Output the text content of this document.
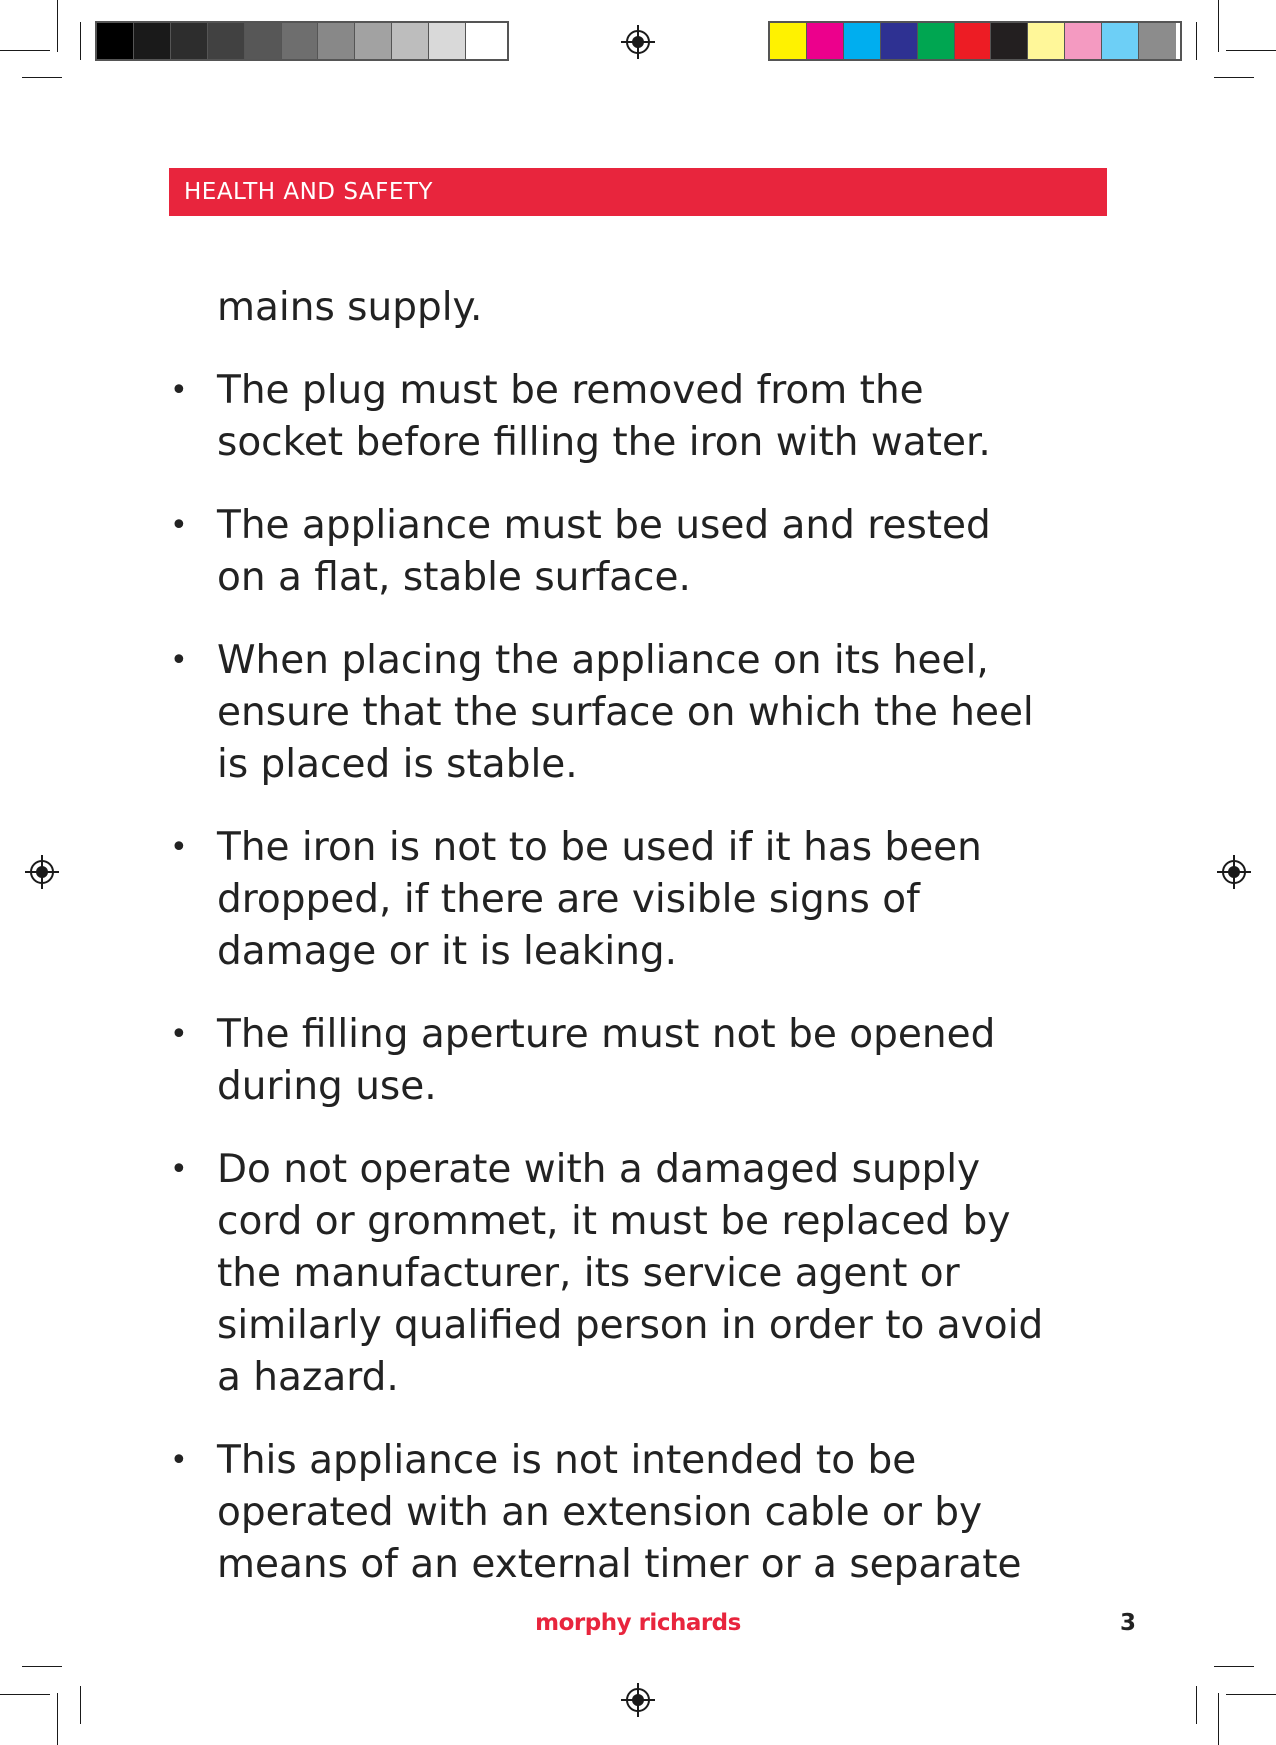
HEALTH AND SAFETY
mains supply.
• The plug must be removed from the
socket before filling the iron with water.
• The appliance must be used and rested
on a flat, stable surface.
• When placing the appliance on its heel,
ensure that the surface on which the heel
is placed is stable.
• The iron is not to be used if it has been
dropped, if there are visible signs of
damage or it is leaking.
• The filling aperture must not be opened
during use.
• Do not operate with a damaged supply
cord or grommet, it must be replaced by
the manufacturer, its service agent or
similarly qualified person in order to avoid
a hazard.
• This appliance is not intended to be
operated with an extension cable or by
means of an external timer or a separate
morphy richards	3
